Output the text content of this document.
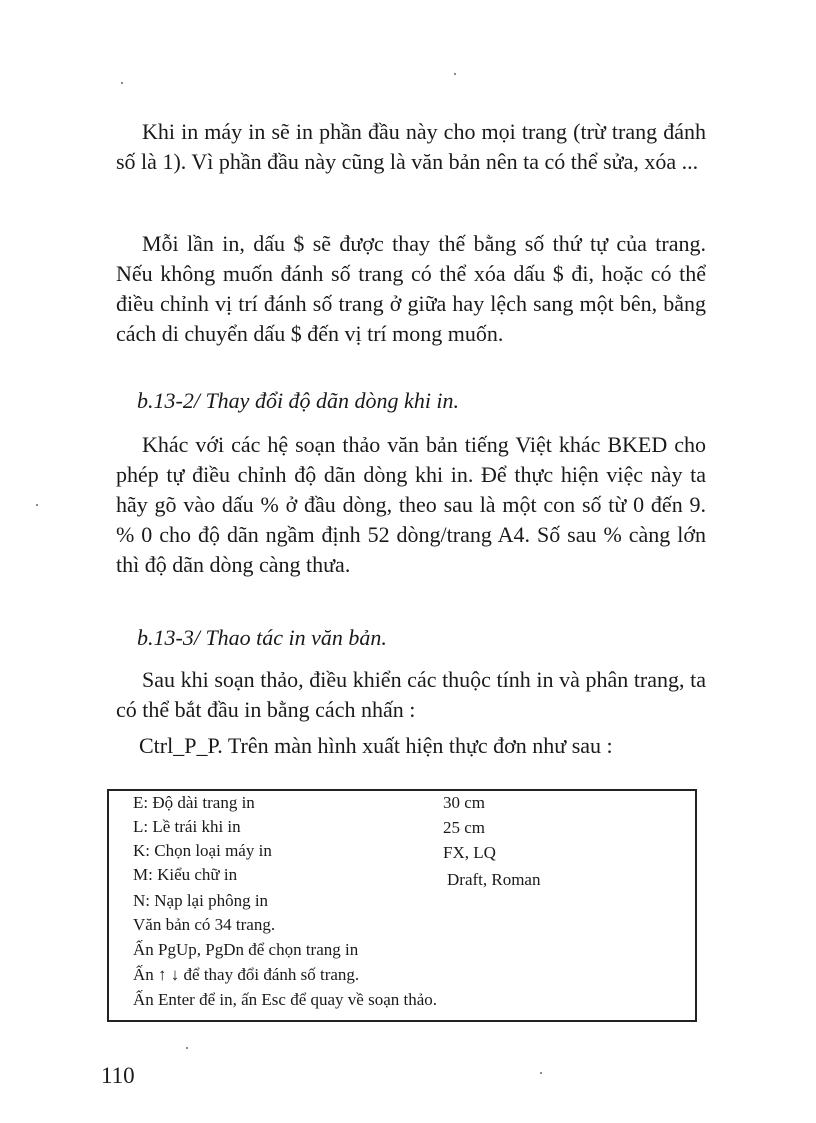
Khi in máy in sẽ in phần đầu này cho mọi trang (trừ trang đánh số là 1). Vì phần đầu này cũng là văn bản nên ta có thể sửa, xóa ...

Mỗi lần in, dấu $ sẽ được thay thế bằng số thứ tự của trang. Nếu không muốn đánh số trang có thể xóa dấu $ đi, hoặc có thể điều chỉnh vị trí đánh số trang ở giữa hay lệch sang một bên, bằng cách di chuyển dấu $ đến vị trí mong muốn.

b.13-2/ Thay đổi độ dãn dòng khi in.

Khác với các hệ soạn thảo văn bản tiếng Việt khác BKED cho phép tự điều chỉnh độ dãn dòng khi in. Để thực hiện việc này ta hãy gõ vào dấu % ở đầu dòng, theo sau là một con số từ 0 đến 9. % 0 cho độ dãn ngầm định 52 dòng/trang A4. Số sau % càng lớn thì độ dãn dòng càng thưa.

b.13-3/ Thao tác in văn bản.

Sau khi soạn thảo, điều khiển các thuộc tính in và phân trang, ta có thể bắt đầu in bằng cách nhấn :

Ctrl_P_P. Trên màn hình xuất hiện thực đơn như sau :

E: Độ dài trang in	30 cm
L: Lề trái khi in	25 cm
K: Chọn loại máy in	FX, LQ
M: Kiểu chữ in	Draft, Roman
N: Nạp lại phông in
Văn bản có 34 trang.
Ấn PgUp, PgDn để chọn trang in
Ấn ↑ ↓ để thay đổi đánh số trang.
Ấn Enter để in, ấn Esc để quay về soạn thảo.

110
